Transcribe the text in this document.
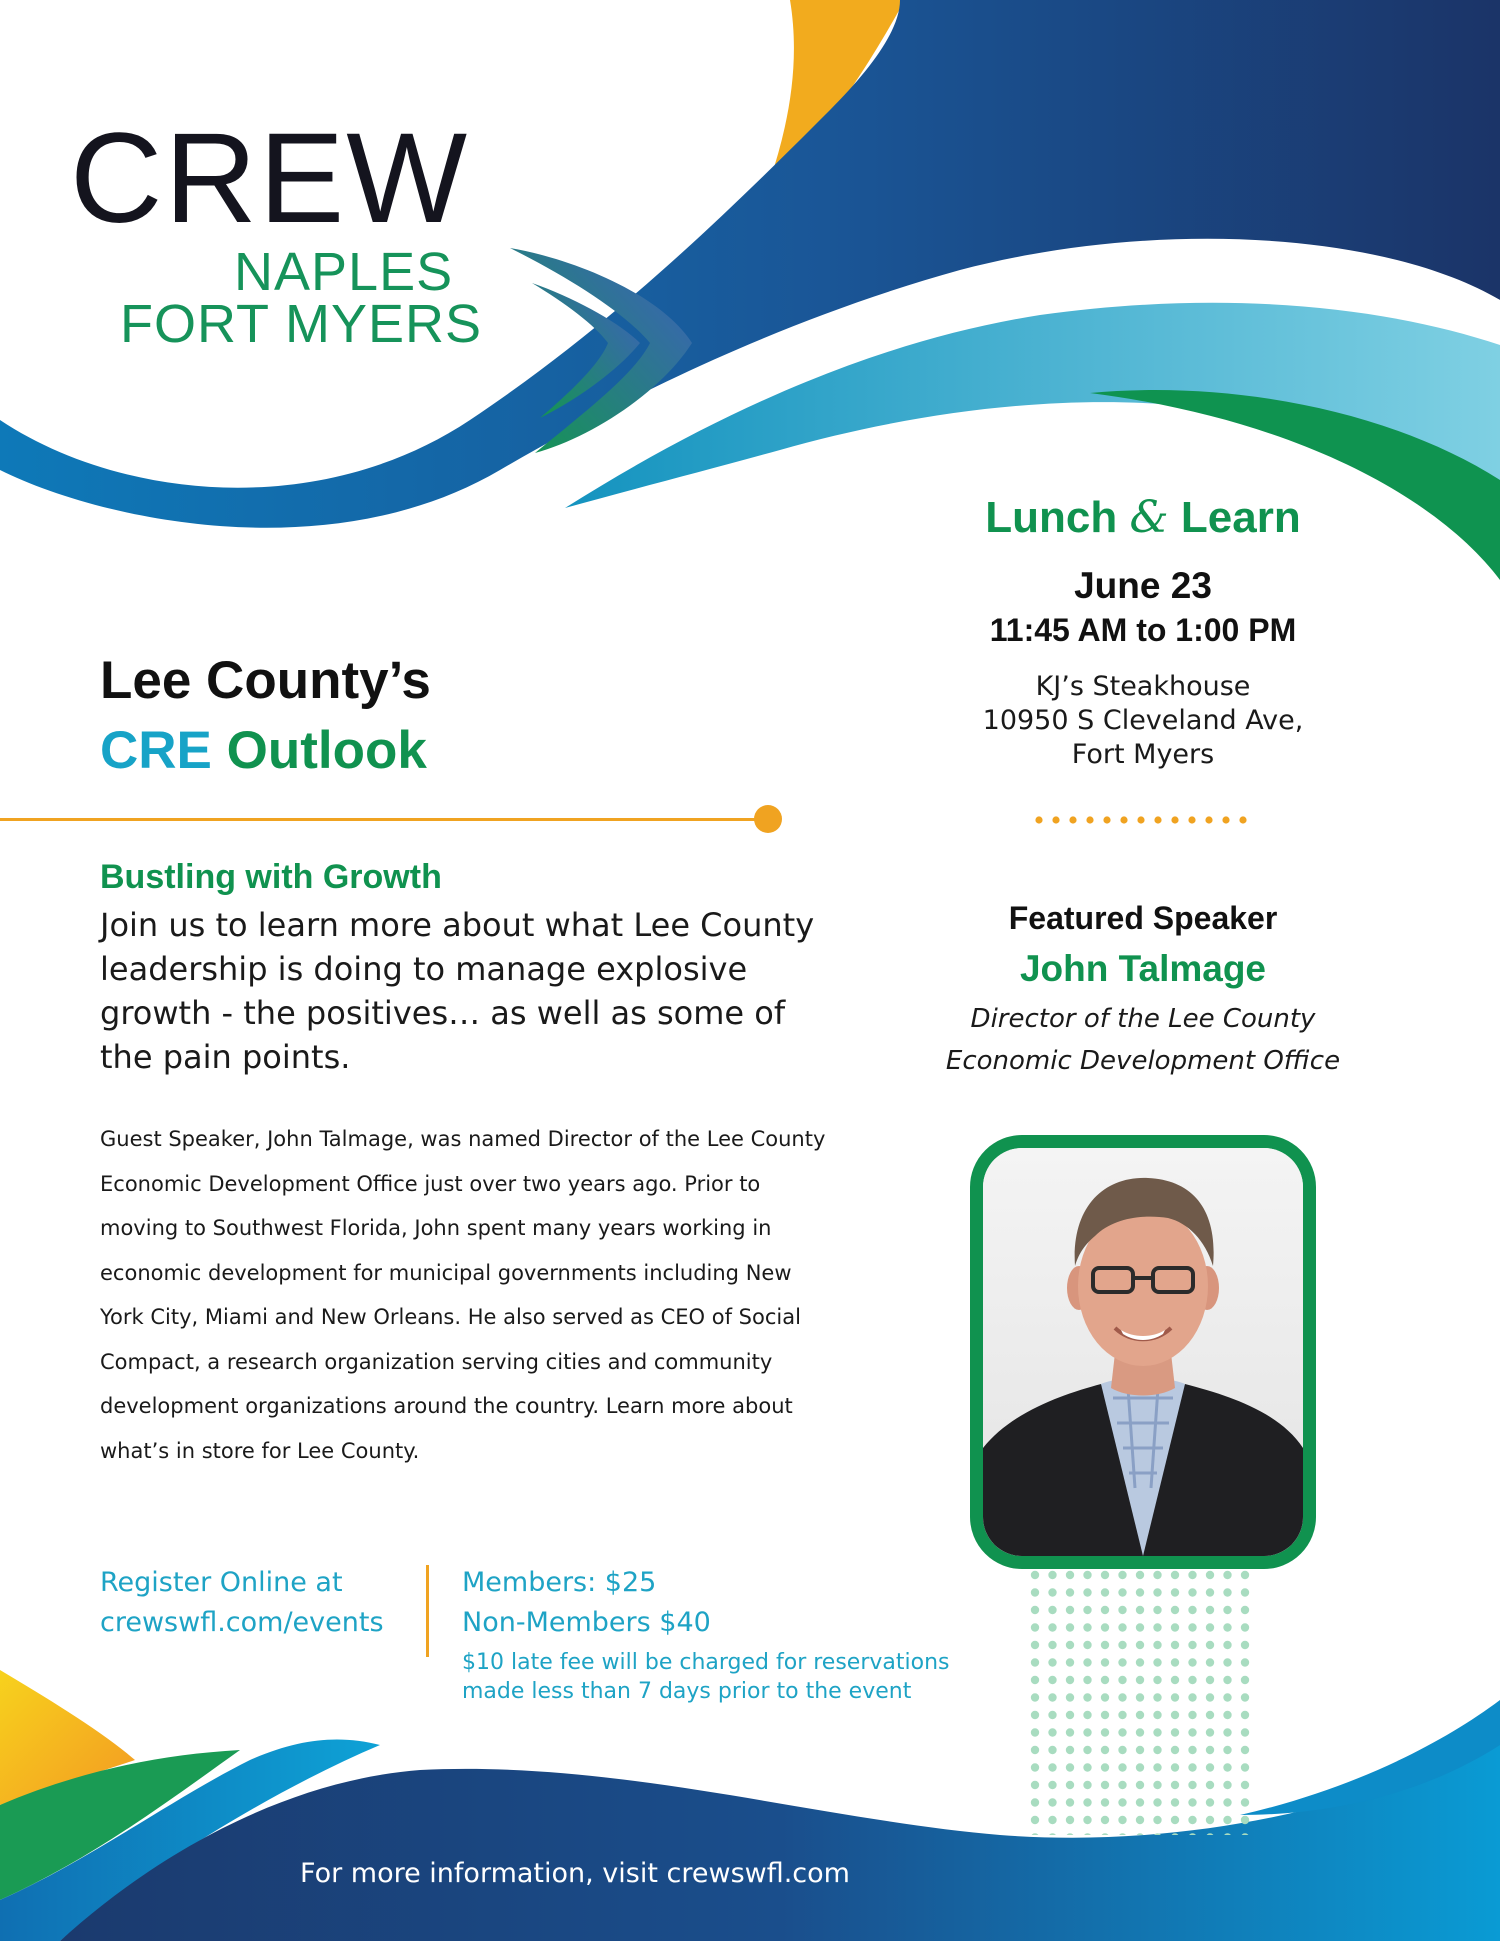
CREW
NAPLES
FORT MYERS
Lee County’s
CRE Outlook
Bustling with Growth
Join us to learn more about what Lee County leadership is doing to manage explosive growth - the positives… as well as some of the pain points.
Guest Speaker, John Talmage, was named Director of the Lee County Economic Development Office just over two years ago. Prior to moving to Southwest Florida, John spent many years working in economic development for municipal governments including New York City, Miami and New Orleans. He also served as CEO of Social Compact, a research organization serving cities and community development organizations around the country. Learn more about what’s in store for Lee County.
Register Online at
crewswfl.com/events
Members: $25
Non-Members $40
$10 late fee will be charged for reservations
made less than 7 days prior to the event
Lunch & Learn
June 23
11:45 AM to 1:00 PM
KJ’s Steakhouse
10950 S Cleveland Ave,
Fort Myers
Featured Speaker
John Talmage
Director of the Lee County
Economic Development Office
For more information, visit crewswfl.com
